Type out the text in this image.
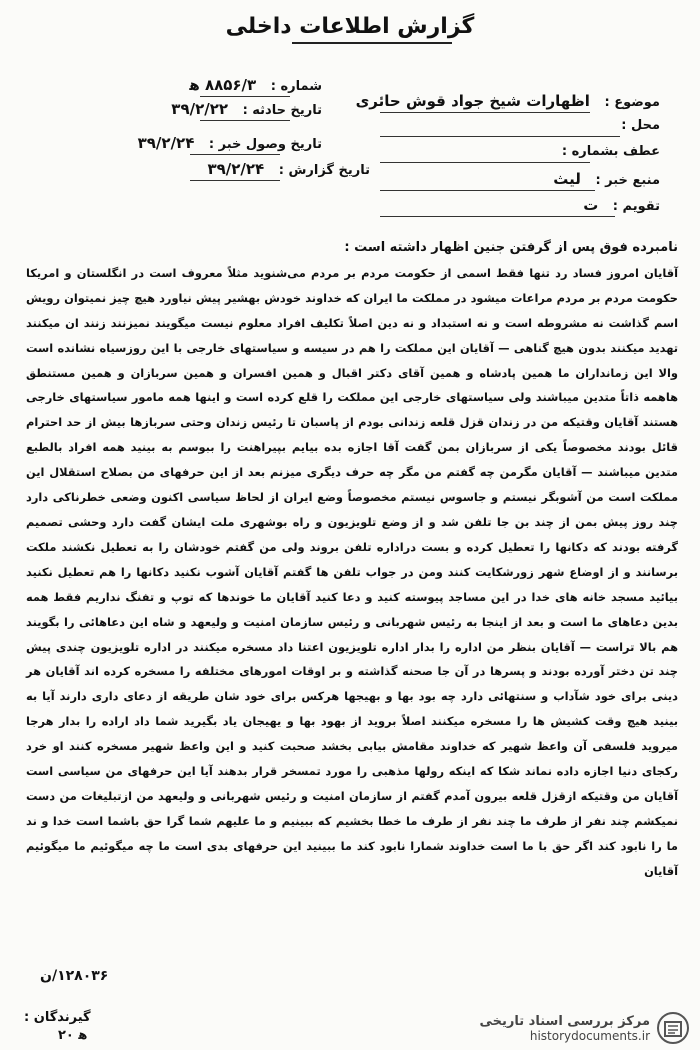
گزارش اطلاعات داخلی
موضوع : اظهارات شیخ جواد قوش حائری
محل :
عطف بشماره :
منبع خبر : لیث
تقویم : ت
شماره : ۸۸۵۶/۳ ه‍
تاریخ حادثه : ۳۹/۲/۲۲
تاریخ وصول خبر : ۳۹/۲/۲۴
تاریخ گزارش : ۳۹/۲/۲۴
نامبرده فوق پس از گرفتن جنین اظهار داشته است :

آقایان امروز فساد رد تنها فقط اسمی از حکومت مردم بر مردم می‌شنوید مثلاً معروف است در انگلستان و امریکا حکومت مردم بر مردم مراعات میشود در مملکت ما ایران که خداوند خودش بهشیر پیش نیاورد هیچ چیز نمیتوان رویش اسم گذاشت نه مشروطه است و نه استبداد و نه دین اصلاً تکلیف افراد معلوم نیست میگویند نمیزنند زنند ان میکنند تهدید میکنند بدون هیچ گناهی — آقایان این مملکت را هم در سیسه و سیاستهای خارجی با این روزسیاه نشانده است والا این زمانداران ما همین پادشاه و همین آقای دکتر اقبال و همین افسران و همین سربازان و همین مستنطق هاهمه ذاتاً متدین میباشند ولی سیاستهای خارجی این مملکت را قلع کرده است و اینها همه مامور سیاستهای خارجی هستند آقایان وقتیکه من در زندان قزل قلعه زندانی بودم از پاسبان تا رئیس زندان وحتی سربازها بیش از حد احترام قائل بودند مخصوصاً یکی از سربازان بمن گفت آقا اجازه بده بیایم بپیراهنت را ببوسم به بینید همه افراد بالطبع متدین میباشند — آقایان مگرمن چه گفتم من مگر چه حرف دیگری میزنم بعد از این حرفهای من بصلاح استقلال این مملکت است من آشوبگر نیستم و جاسوس نیستم مخصوصاً وضع ایران از لحاظ سیاسی اکنون وضعی خطرناکی دارد چند روز پیش بمن از چند بن جا تلفن شد و از وضع تلویزیون و راه بوشهری ملت ایشان گفت دارد وحشی تصمیم گرفته بودند که دکانها را تعطیل کرده و بست دراداره تلفن بروند ولی من گفتم خودشان را به تعطیل نکشند ملکت برسانند و از اوضاع شهر زورشکایت کنند ومن در جواب تلفن ها گفتم آقایان آشوب نکنید دکانها را هم تعطیل نکنید بیائید مسجد خانه های خدا در این مساجد پیوسته کنید و دعا کنید آقایان ما خوندها که توپ و تفنگ نداریم فقط همه بدین دعاهای ما است و بعد از اینجا به رئیس شهربانی و رئیس سازمان امنیت و ولیعهد و شاه این دعاهائی را بگویند هم بالا تراست — آقایان بنظر من اداره را بدار اداره تلویزیون اعتنا داد مسخره میکنند در اداره تلویزیون چندی پیش چند تن دختر آورده بودند و پسرها در آن جا صحنه گذاشته و بر اوقات امورهای مختلفه را مسخره کرده اند آقایان هر دینی برای خود شآداب و سنتهائی دارد چه بود بها و بهیجها هرکس برای خود شان طریقه از دعای داری دارند آیا به بینید هیچ وقت کشیش ها را مسخره میکنند اصلاً بروید از بهود بها و یهیجان یاد بگیرید شما داد اراده را بدار هرجا میروید فلسفی آن واعظ شهیر که خداوند مقامش بیابی بخشد صحبت کنید و این واعظ شهیر مسخره کنند او خرد رکجای دنیا اجازه داده نماند شکا که اینکه رولها مذهبی را مورد تمسخر قرار بدهند آیا این حرفهای من سیاسی است آقایان من وقتیکه ازقزل قلعه بیرون آمدم گفتم از سازمان امنیت و رئیس شهربانی و ولیعهد من ازتبلیغات من دست نمیکشم چند نفر از طرف ما چند نفر از طرف ما خطا بخشیم که ببینیم و ما علیهم شما گرا حق باشما است خدا و ند ما را نابود کند اگر حق با ما است خداوند شمارا نابود کند ما ببینید این حرفهای بدی است ما چه میگوئیم ما میگوئیم آقایان

گیرندگان :
۲۰ ه‍
۱۲۸۰۳۶/ن
مرکز بررسی اسناد تاریخی
historydocuments.ir
